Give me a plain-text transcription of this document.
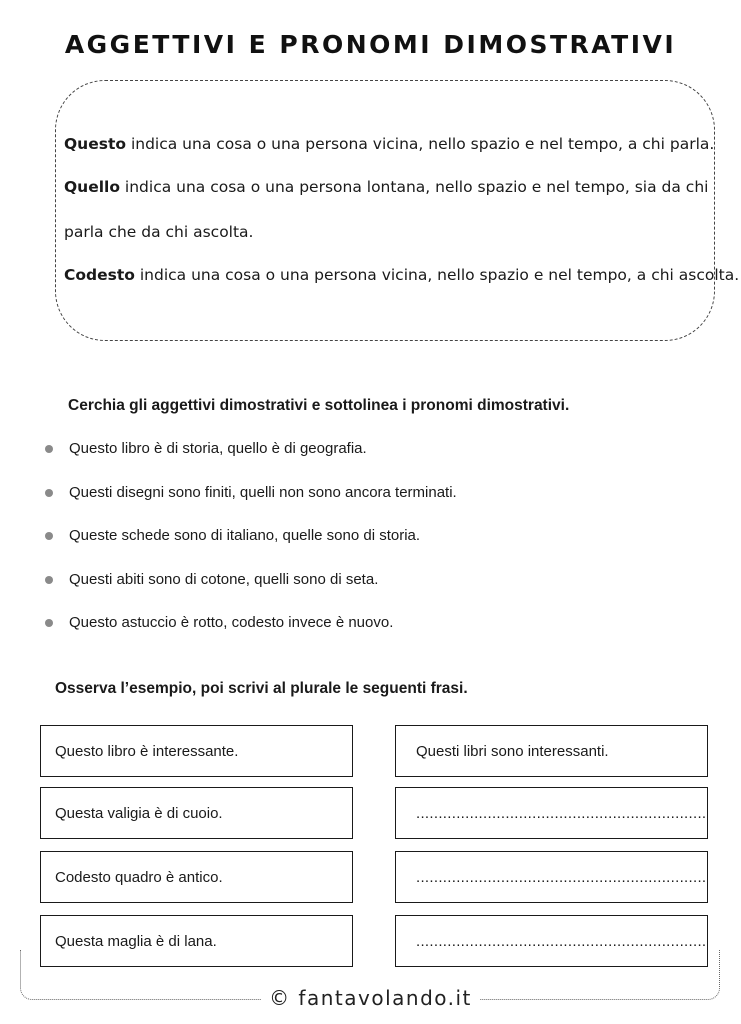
AGGETTIVI E PRONOMI DIMOSTRATIVI
Questo indica una cosa o una persona vicina, nello spazio e nel tempo, a chi parla.
Quello indica una cosa o una persona lontana, nello spazio e nel tempo, sia da chi
parla che da chi ascolta.
Codesto indica una cosa o una persona vicina, nello spazio e nel tempo, a chi ascolta.
Cerchia gli aggettivi dimostrativi e sottolinea i pronomi dimostrativi.
Questo libro è di storia, quello è di geografia.
Questi disegni sono finiti, quelli non sono ancora terminati.
Queste schede sono di italiano, quelle sono di storia.
Questi abiti sono di cotone, quelli sono di seta.
Questo astuccio è rotto, codesto invece è nuovo.
Osserva l’esempio, poi scrivi al plurale le seguenti frasi.
Questo libro è interessante.	Questi libri sono interessanti.
Questa valigia è di cuoio.	.................................................................
Codesto quadro è antico.	.................................................................
Questa maglia è di lana.	.................................................................
© fantavolando.it
